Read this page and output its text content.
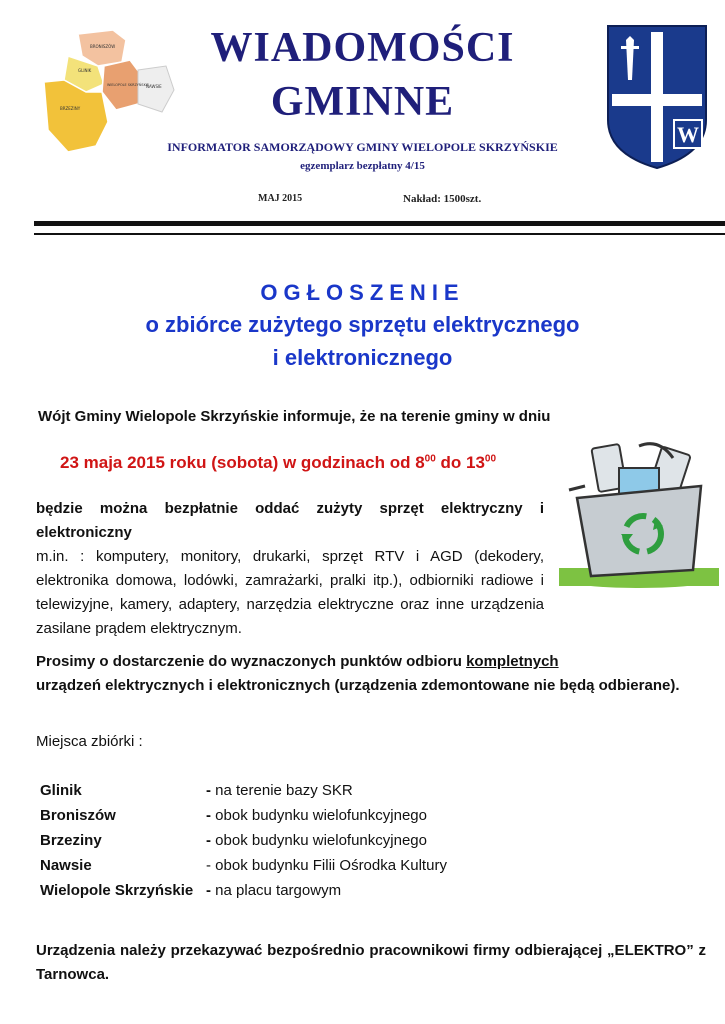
BRONISZÓW
GLINIK
WIELOPOLE SKRZYŃSKIE
NAWSIE
BRZEZINY
WIADOMOŚCI
GMINNE
INFORMATOR SAMORZĄDOWY GMINY WIELOPOLE SKRZYŃSKIE
egzemplarz bezpłatny 4/15
MAJ 2015	Nakład: 1500szt.
W
OGŁOSZENIE
o zbiórce zużytego sprzętu elektrycznego
i elektronicznego
Wójt Gminy Wielopole Skrzyńskie informuje, że na terenie gminy w dniu
23 maja 2015 roku (sobota) w godzinach od $8^{00}$ do $13^{00}$
będzie można bezpłatnie oddać zużyty sprzęt elektryczny i elektroniczny
m.in. : komputery, monitory, drukarki, sprzęt RTV i AGD (dekodery, elektronika domowa, lodówki, zamrażarki, pralki itp.), odbiorniki radiowe i telewizyjne, kamery, adaptery, narzędzia elektryczne oraz inne urządzenia zasilane prądem elektrycznym.
Prosimy o dostarczenie do wyznaczonych punktów odbioru kompletnych
urządzeń elektrycznych i elektronicznych (urządzenia zdemontowane nie będą odbierane).
Miejsca zbiórki :
Glinik	- na terenie bazy SKR
Broniszów	- obok budynku wielofunkcyjnego
Brzeziny	- obok budynku wielofunkcyjnego
Nawsie	- obok budynku Filii Ośrodka Kultury
Wielopole Skrzyńskie - na placu targowym
Urządzenia należy przekazywać bezpośrednio pracownikowi firmy odbierającej „ELEKTRO” z Tarnowca.
